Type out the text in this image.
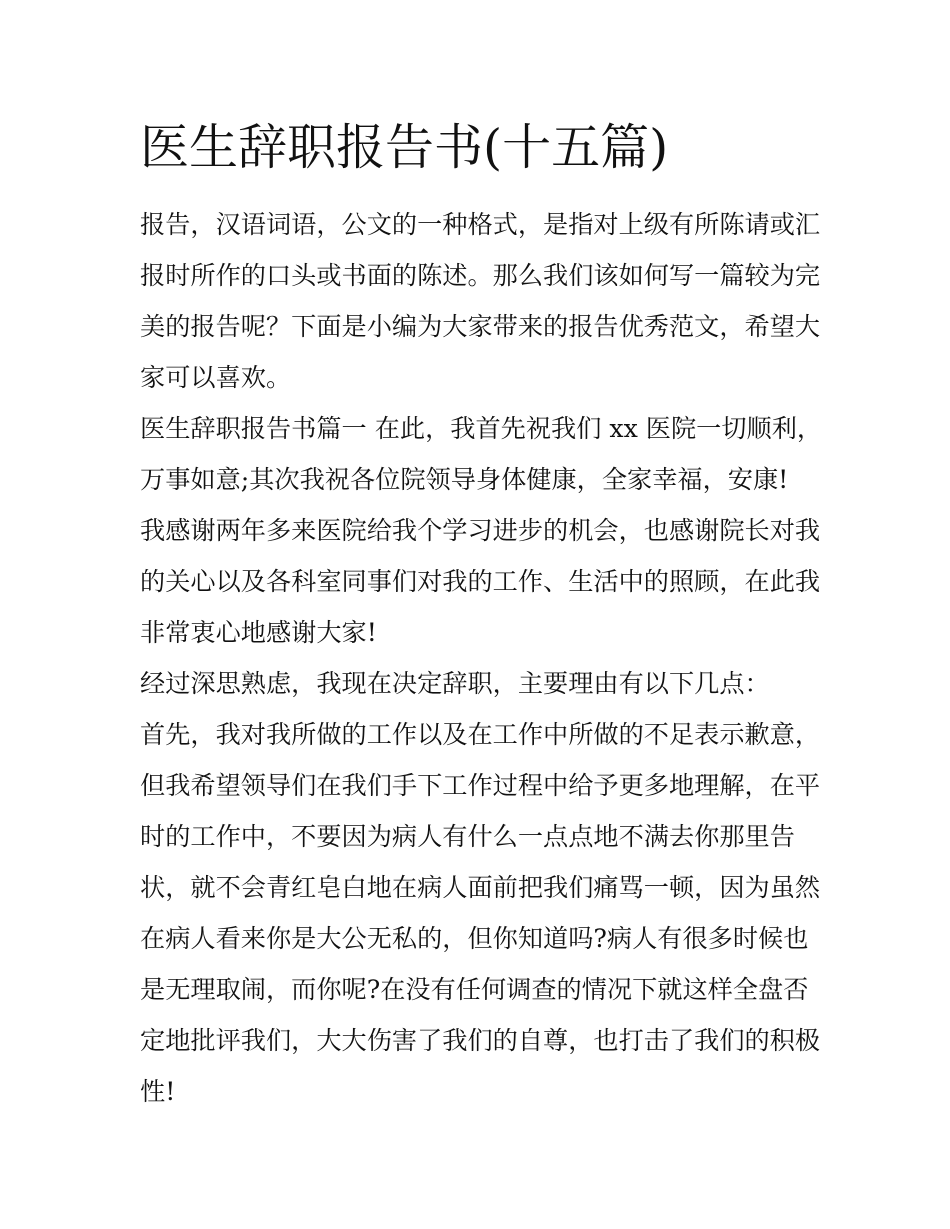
医生辞职报告书(十五篇)
报告，汉语词语，公文的一种格式，是指对上级有所陈请或汇
报时所作的口头或书面的陈述。那么我们该如何写一篇较为完
美的报告呢？下面是小编为大家带来的报告优秀范文，希望大
家可以喜欢。
医生辞职报告书篇一 在此，我首先祝我们 xx 医院一切顺利，
万事如意;其次我祝各位院领导身体健康，全家幸福，安康!
我感谢两年多来医院给我个学习进步的机会，也感谢院长对我
的关心以及各科室同事们对我的工作、生活中的照顾，在此我
非常衷心地感谢大家!
经过深思熟虑，我现在决定辞职，主要理由有以下几点：
首先，我对我所做的工作以及在工作中所做的不足表示歉意，
但我希望领导们在我们手下工作过程中给予更多地理解，在平
时的工作中，不要因为病人有什么一点点地不满去你那里告
状，就不会青红皂白地在病人面前把我们痛骂一顿，因为虽然
在病人看来你是大公无私的，但你知道吗?病人有很多时候也
是无理取闹，而你呢?在没有任何调查的情况下就这样全盘否
定地批评我们，大大伤害了我们的自尊，也打击了我们的积极
性!
